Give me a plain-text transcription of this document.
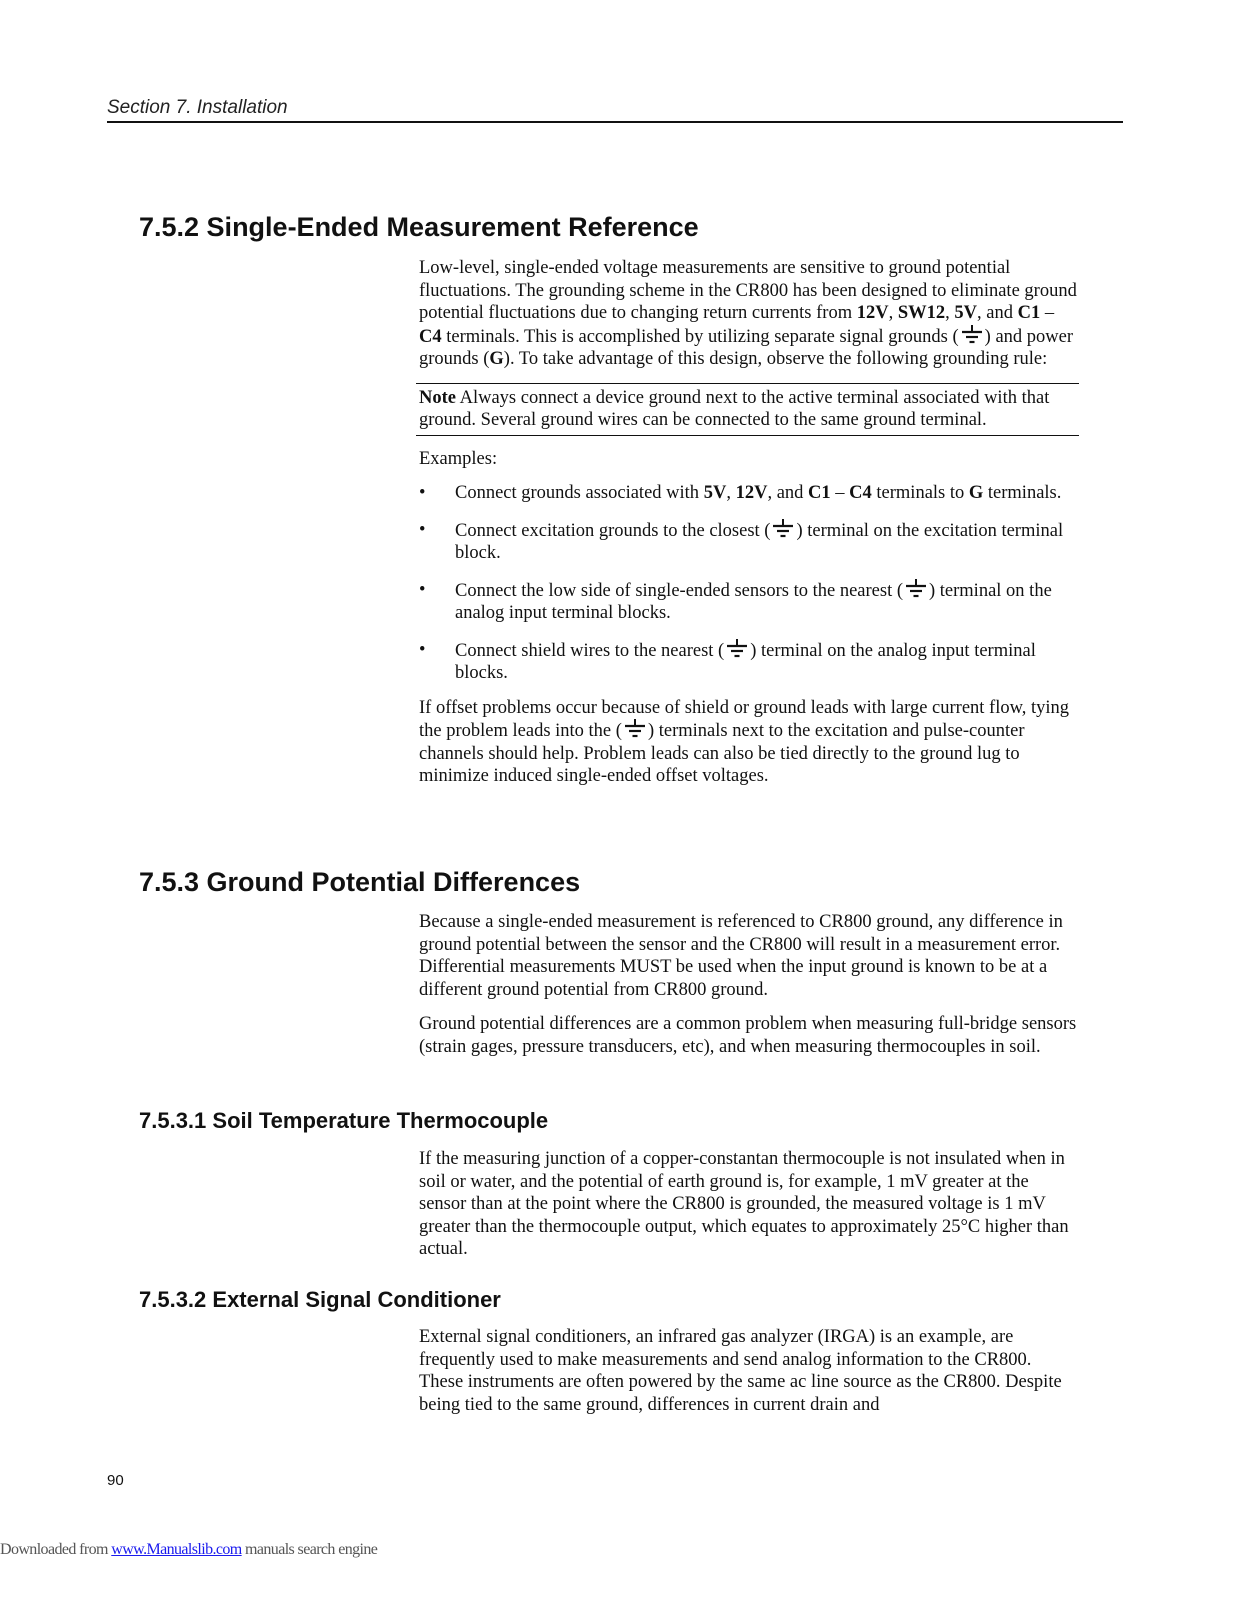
Section 7. Installation
7.5.2 Single-Ended Measurement Reference

Low-level, single-ended voltage measurements are sensitive to ground potential fluctuations. The grounding scheme in the CR800 has been designed to eliminate ground potential fluctuations due to changing return currents from 12V, SW12, 5V, and C1 – C4 terminals. This is accomplished by utilizing separate signal grounds ( ) and power grounds (G). To take advantage of this design, observe the following grounding rule:

Note Always connect a device ground next to the active terminal associated with that ground. Several ground wires can be connected to the same ground terminal.

Examples:

• Connect grounds associated with 5V, 12V, and C1 – C4 terminals to G terminals.
• Connect excitation grounds to the closest ( ) terminal on the excitation terminal block.
• Connect the low side of single-ended sensors to the nearest ( ) terminal on the analog input terminal blocks.
• Connect shield wires to the nearest ( ) terminal on the analog input terminal blocks.

If offset problems occur because of shield or ground leads with large current flow, tying the problem leads into the ( ) terminals next to the excitation and pulse-counter channels should help. Problem leads can also be tied directly to the ground lug to minimize induced single-ended offset voltages.

7.5.3 Ground Potential Differences

Because a single-ended measurement is referenced to CR800 ground, any difference in ground potential between the sensor and the CR800 will result in a measurement error. Differential measurements MUST be used when the input ground is known to be at a different ground potential from CR800 ground.

Ground potential differences are a common problem when measuring full-bridge sensors (strain gages, pressure transducers, etc), and when measuring thermocouples in soil.

7.5.3.1 Soil Temperature Thermocouple

If the measuring junction of a copper-constantan thermocouple is not insulated when in soil or water, and the potential of earth ground is, for example, 1 mV greater at the sensor than at the point where the CR800 is grounded, the measured voltage is 1 mV greater than the thermocouple output, which equates to approximately 25°C higher than actual.

7.5.3.2 External Signal Conditioner

External signal conditioners, an infrared gas analyzer (IRGA) is an example, are frequently used to make measurements and send analog information to the CR800. These instruments are often powered by the same ac line source as the CR800. Despite being tied to the same ground, differences in current drain and

90
Downloaded from www.Manualslib.com manuals search engine
